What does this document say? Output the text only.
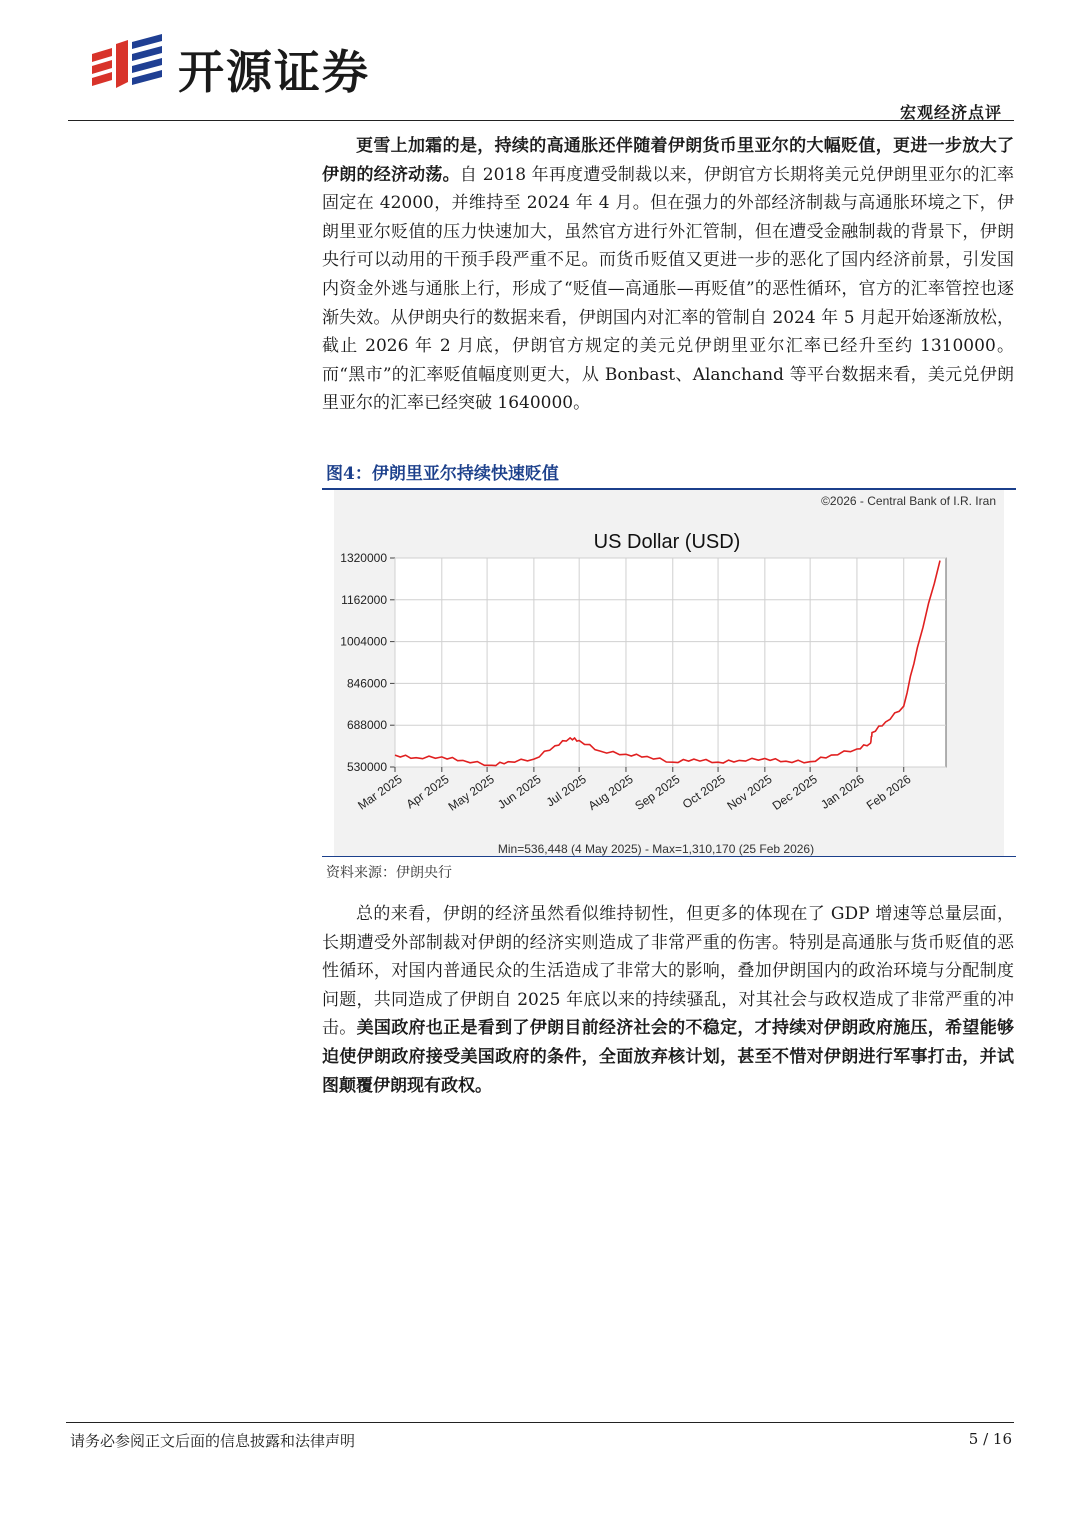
开源证券
宏观经济点评

更雪上加霜的是，持续的高通胀还伴随着伊朗货币里亚尔的大幅贬值，更进一步放大了伊朗的经济动荡。自 2018 年再度遭受制裁以来，伊朗官方长期将美元兑伊朗里亚尔的汇率固定在 42000，并维持至 2024 年 4 月。但在强力的外部经济制裁与高通胀环境之下，伊朗里亚尔贬值的压力快速加大，虽然官方进行外汇管制，但在遭受金融制裁的背景下，伊朗央行可以动用的干预手段严重不足。而货币贬值又更进一步的恶化了国内经济前景，引发国内资金外逃与通胀上行，形成了“贬值—高通胀—再贬值”的恶性循环，官方的汇率管控也逐渐失效。从伊朗央行的数据来看，伊朗国内对汇率的管制自 2024 年 5 月起开始逐渐放松，截止 2026 年 2 月底，伊朗官方规定的美元兑伊朗里亚尔汇率已经升至约 1310000。而“黑市”的汇率贬值幅度则更大，从 Bonbast、Alanchand 等平台数据来看，美元兑伊朗里亚尔的汇率已经突破 1640000。

图4：伊朗里亚尔持续快速贬值
©2026 - Central Bank of I.R. Iran
US Dollar (USD)
1320000
1162000
1004000
846000
688000
530000
Mar 2025
Apr 2025
May 2025
Jun 2025 Jul 2025
Aug 2025
Sep 2025
Oct 2025
Nov 2025
Dec 2025
Jan 2026
Feb 2026
Min=536,448 (4 May 2025) - Max=1,310,170 (25 Feb 2026)
资料来源：伊朗央行

总的来看，伊朗的经济虽然看似维持韧性，但更多的体现在了 GDP 增速等总量层面，长期遭受外部制裁对伊朗的经济实则造成了非常严重的伤害。特别是高通胀与货币贬值的恶性循环，对国内普通民众的生活造成了非常大的影响，叠加伊朗国内的政治环境与分配制度问题，共同造成了伊朗自 2025 年底以来的持续骚乱，对其社会与政权造成了非常严重的冲击。美国政府也正是看到了伊朗目前经济社会的不稳定，才持续对伊朗政府施压，希望能够迫使伊朗政府接受美国政府的条件，全面放弃核计划，甚至不惜对伊朗进行军事打击，并试图颠覆伊朗现有政权。

请务必参阅正文后面的信息披露和法律声明	5 / 16
